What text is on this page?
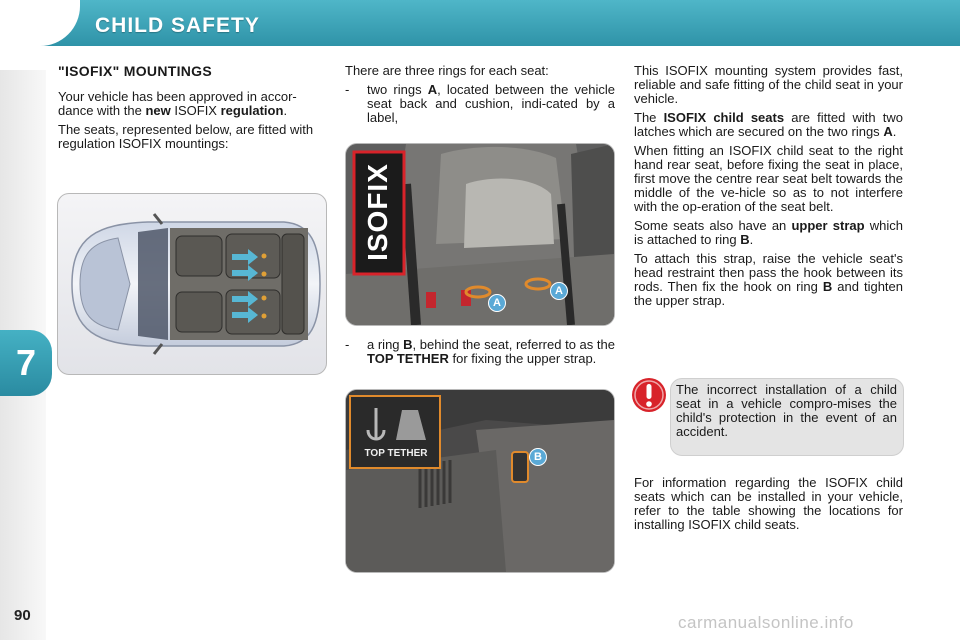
CHILD SAFETY
7
90
"ISOFIX" MOUNTINGS

Your vehicle has been approved in accor-dance with the new ISOFIX regulation.

The seats, represented below, are fitted with regulation ISOFIX mountings:

There are three rings for each seat:

-	two rings A, located between the vehicle seat back and cushion, indi-cated by a label,
ISOFIX
A
A
-	a ring B, behind the seat, referred to as the TOP TETHER for fixing the upper strap.
TOP TETHER	B

This ISOFIX mounting system provides fast, reliable and safe fitting of the child seat in your vehicle.

The ISOFIX child seats are fitted with two latches which are secured on the two rings A.

When fitting an ISOFIX child seat to the right hand rear seat, before fixing the seat in place, first move the centre rear seat belt towards the middle of the ve-hicle so as to not interfere with the op-eration of the seat belt.

Some seats also have an upper strap which is attached to ring B.

To attach this strap, raise the vehicle seat's head restraint then pass the hook between its rods. Then fix the hook on ring B and tighten the upper strap.

The incorrect installation of a child seat in a vehicle compro-mises the child's protection in the event of an accident.

For information regarding the ISOFIX child seats which can be installed in your vehicle, refer to the table showing the locations for installing ISOFIX child seats.

carmanualsonline.info
